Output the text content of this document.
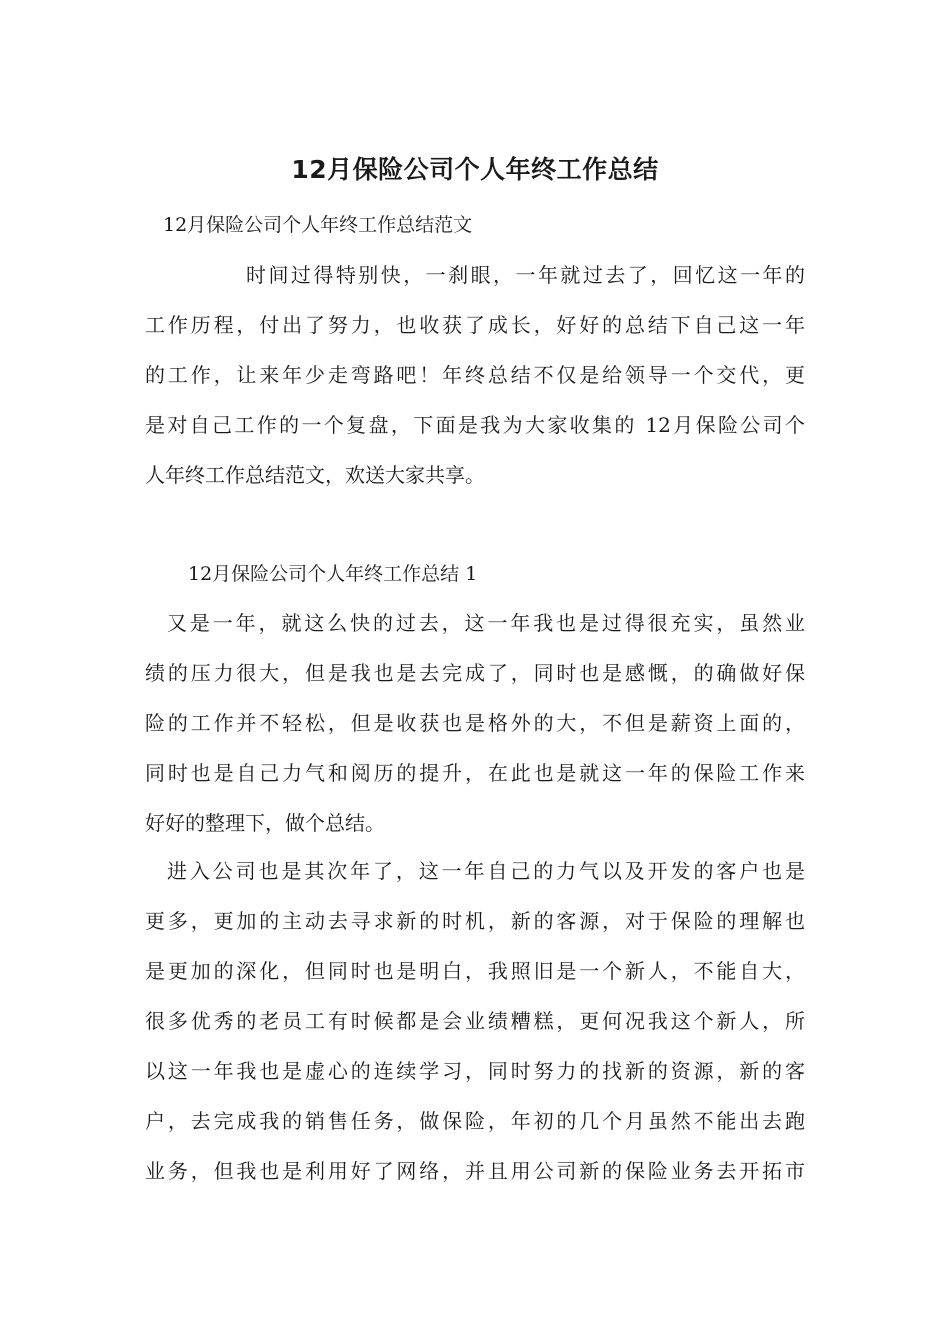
12月保险公司个人年终工作总结
12月保险公司个人年终工作总结范文
时间过得特别快，一刹眼，一年就过去了，回忆这一年的
工作历程，付出了努力，也收获了成长，好好的总结下自己这一年
的工作，让来年少走弯路吧！年终总结不仅是给领导一个交代，更
是对自己工作的一个复盘，下面是我为大家收集的 12月保险公司个
人年终工作总结范文，欢送大家共享。
12月保险公司个人年终工作总结 1
又是一年，就这么快的过去，这一年我也是过得很充实，虽然业
绩的压力很大，但是我也是去完成了，同时也是感慨，的确做好保
险的工作并不轻松，但是收获也是格外的大，不但是薪资上面的，
同时也是自己力气和阅历的提升，在此也是就这一年的保险工作来
好好的整理下，做个总结。
进入公司也是其次年了，这一年自己的力气以及开发的客户也是
更多，更加的主动去寻求新的时机，新的客源，对于保险的理解也
是更加的深化，但同时也是明白，我照旧是一个新人，不能自大，
很多优秀的老员工有时候都是会业绩糟糕，更何况我这个新人，所
以这一年我也是虚心的连续学习，同时努力的找新的资源，新的客
户，去完成我的销售任务，做保险，年初的几个月虽然不能出去跑
业务，但我也是利用好了网络，并且用公司新的保险业务去开拓市
